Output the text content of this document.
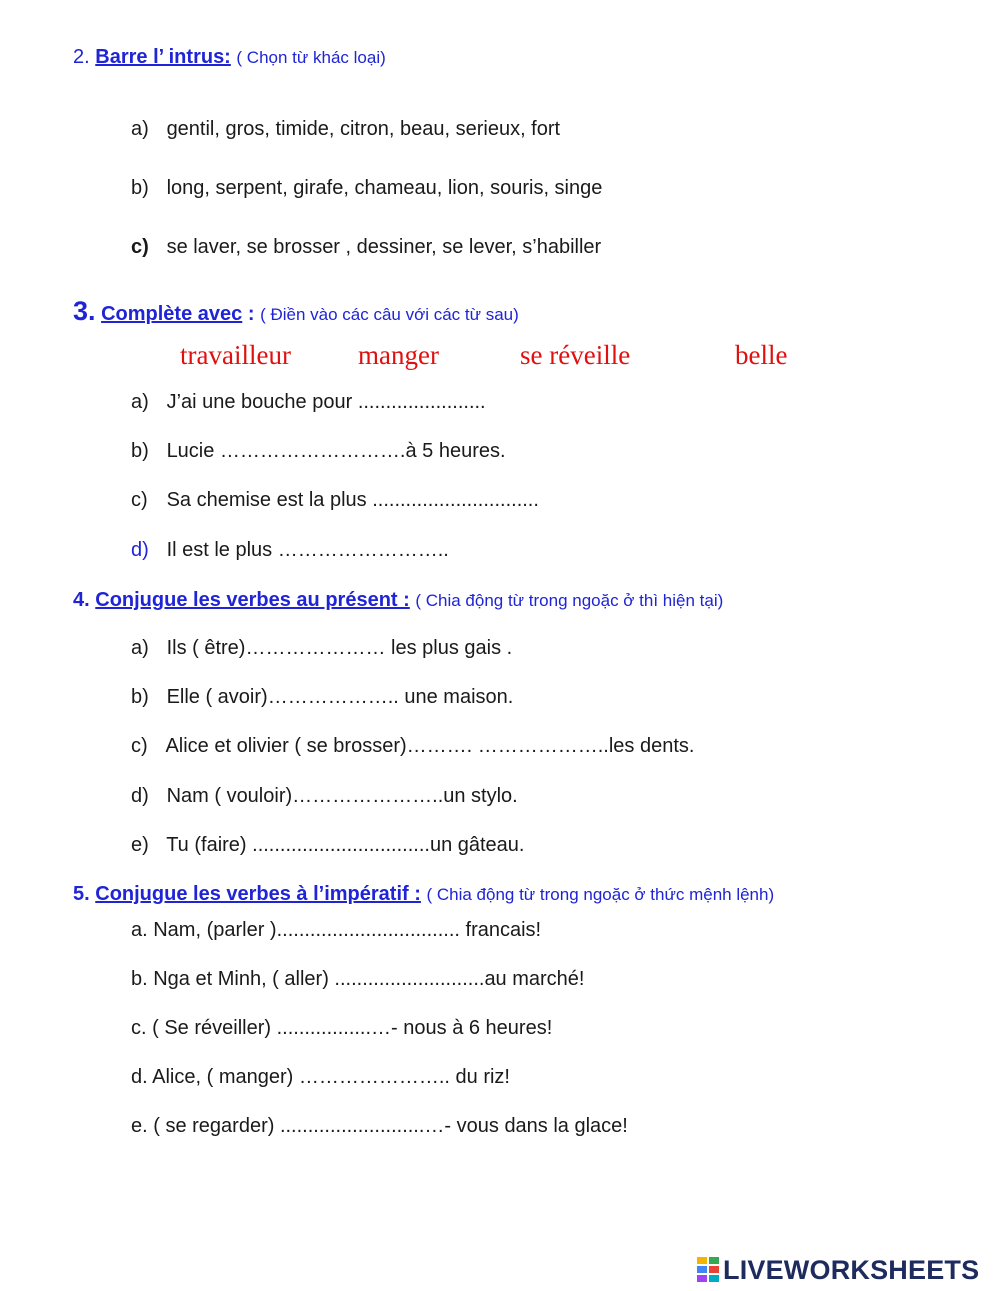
2. Barre l’ intrus: ( Chọn từ khác loại)
a) gentil, gros, timide, citron, beau, serieux, fort
b) long, serpent, girafe, chameau, lion, souris, singe
c) se laver, se brosser , dessiner, se lever, s’habiller
3. Complète avec : ( Điền vào các câu với các từ sau)
travailleur manger	se réveille	belle
a) J’ai une bouche pour .......................
b) Lucie ……………………….à 5 heures.
c) Sa chemise est la plus ..............................
d) Il est le plus ……………………..
4. Conjugue les verbes au présent : ( Chia động từ trong ngoặc ở thì hiện tại)
a) Ils ( être)………………… les plus gais .
b) Elle ( avoir)……………….. une maison.
c) Alice et olivier ( se brosser)………. ………………..les dents.
d) Nam ( vouloir)…………………..un stylo.
e) Tu (faire) ................................un gâteau.
5. Conjugue les verbes à l’impératif : ( Chia động từ trong ngoặc ở thức mệnh lệnh)
a. Nam, (parler )................................. francais!
b. Nga et Minh, ( aller) ...........................au marché!
c. ( Se réveiller) .................…- nous à 6 heures!
d. Alice, ( manger) ………………….. du riz!
e. ( se regarder) ..........................…- vous dans la glace!
LIVEWORKSHEETS
